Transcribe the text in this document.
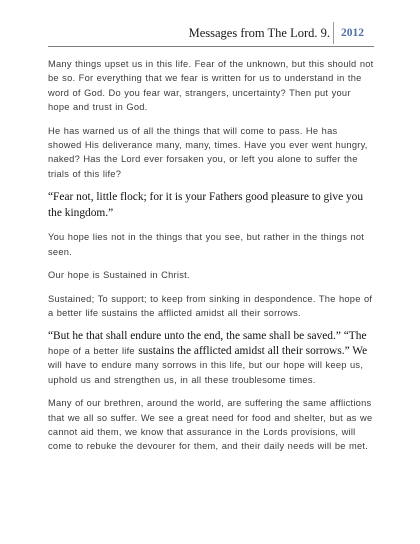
Messages from The Lord. 9. 2012

Many things upset us in this life. Fear of the unknown, but this should not be so. For everything that we fear is written for us to understand in the word of God. Do you fear war, strangers, uncertainty? Then put your hope and trust in God.

He has warned us of all the things that will come to pass. He has showed His deliverance many, many, times. Have you ever went hungry, naked? Has the Lord ever forsaken you, or left you alone to suffer the trials of this life?

“Fear not, little flock; for it is your Fathers good pleasure to give you the kingdom.”

You hope lies not in the things that you see, but rather in the things not seen.

Our hope is Sustained in Christ.

Sustained; To support; to keep from sinking in despondence. The hope of a better life sustains the afflicted amidst all their sorrows.

“But he that shall endure unto the end, the same shall be saved.” “The hope of a better life sustains the afflicted amidst all their sorrows.” We will have to endure many sorrows in this life, but our hope will keep us, uphold us and strengthen us, in all these troublesome times.

Many of our brethren, around the world, are suffering the same afflictions that we all so suffer. We see a great need for food and shelter, but as we cannot aid them, we know that assurance in the Lords provisions, will come to rebuke the devourer for them, and their daily needs will be met.
